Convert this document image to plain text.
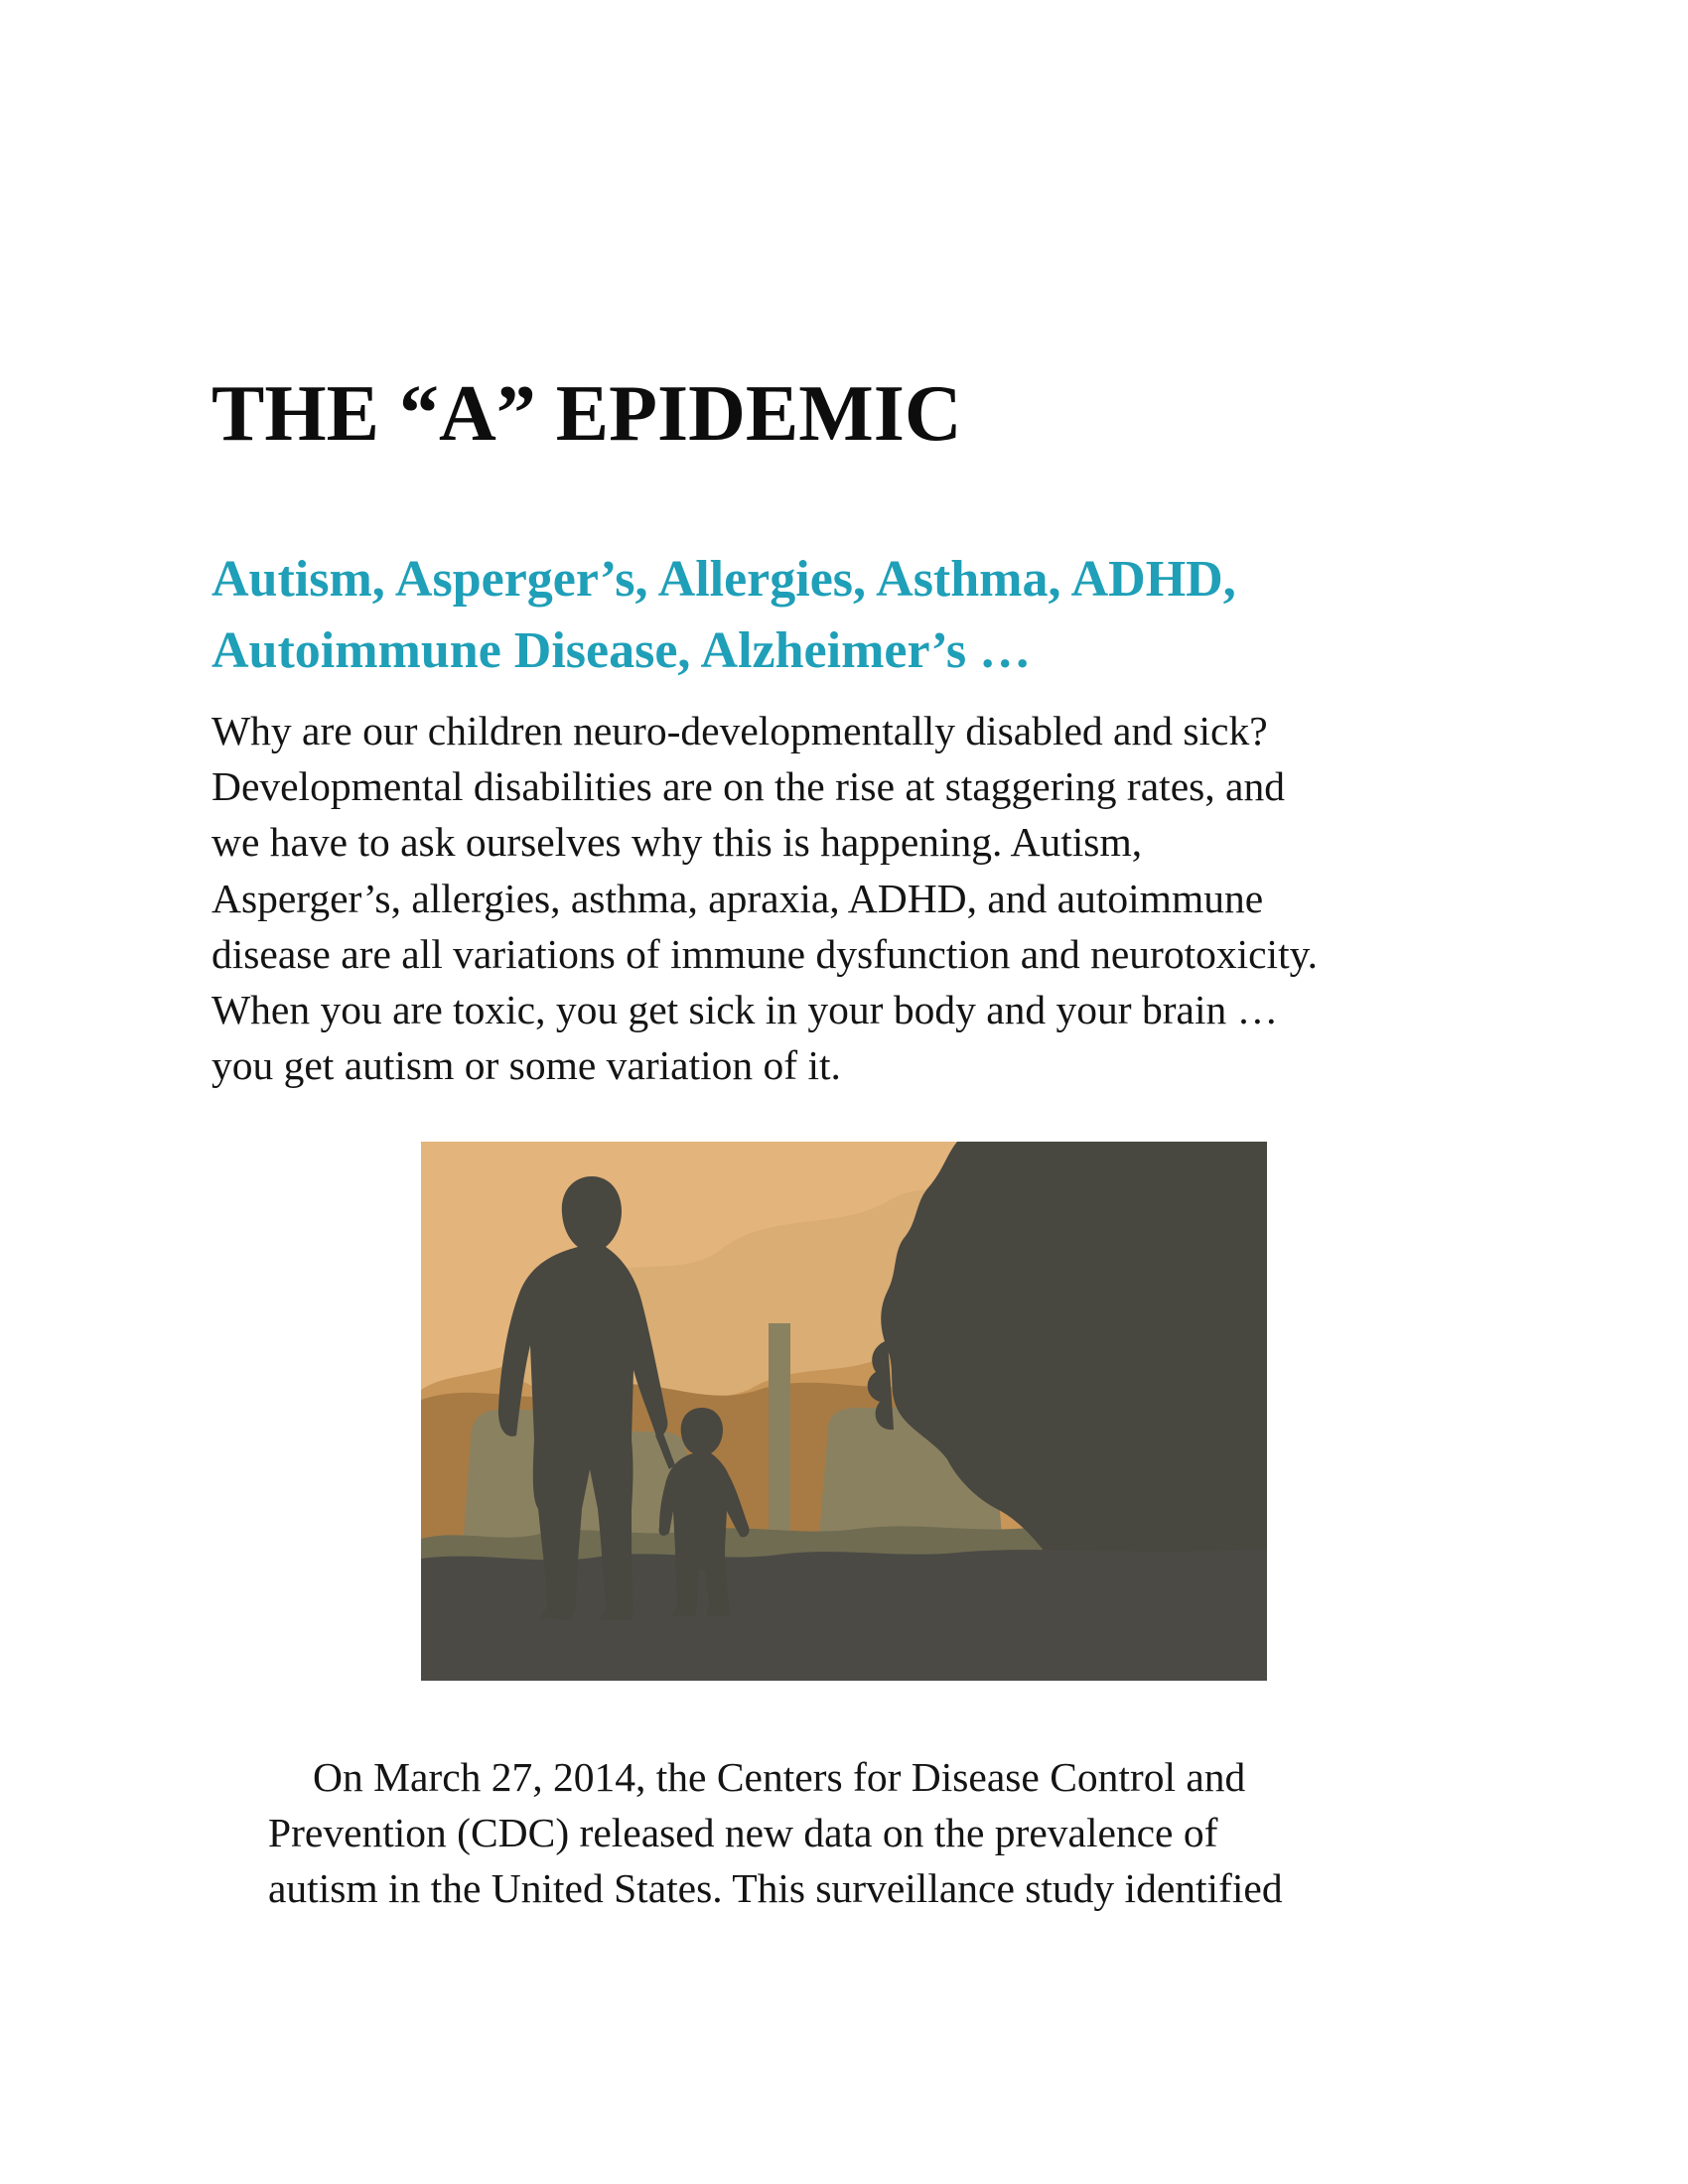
THE “A” EPIDEMIC
Autism, Asperger’s, Allergies, Asthma, ADHD,
Autoimmune Disease, Alzheimer’s …

Why are our children neuro-developmentally disabled and sick?
Developmental disabilities are on the rise at staggering rates, and
we have to ask ourselves why this is happening. Autism,
Asperger’s, allergies, asthma, apraxia, ADHD, and autoimmune
disease are all variations of immune dysfunction and neurotoxicity.
When you are toxic, you get sick in your body and your brain …
you get autism or some variation of it.

On March 27, 2014, the Centers for Disease Control and
Prevention (CDC) released new data on the prevalence of
autism in the United States. This surveillance study identified
